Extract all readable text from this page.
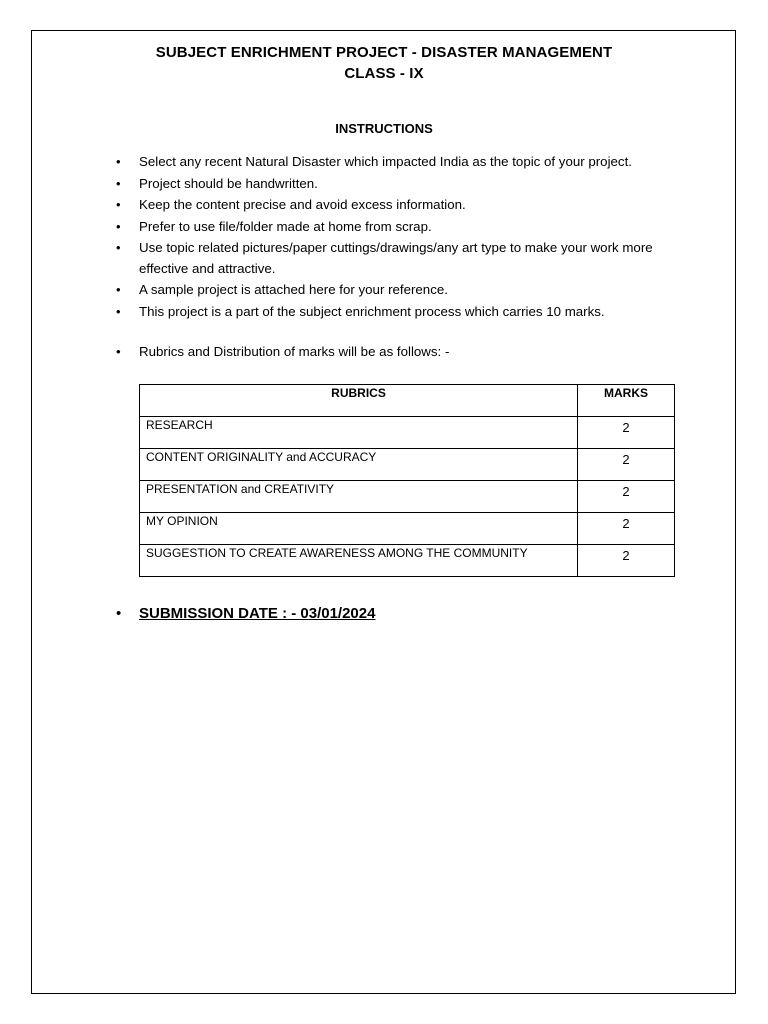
SUBJECT ENRICHMENT PROJECT - DISASTER MANAGEMENT
CLASS - IX
INSTRUCTIONS
• Select any recent Natural Disaster which impacted India as the topic of your project.
• Project should be handwritten.
• Keep the content precise and avoid excess information.
• Prefer to use file/folder made at home from scrap.
• Use topic related pictures/paper cuttings/drawings/any art type to make your work more effective and attractive.
• A sample project is attached here for your reference.
• This project is a part of the subject enrichment process which carries 10 marks.
• Rubrics and Distribution of marks will be as follows: -
RUBRICS	MARKS
RESEARCH	2
CONTENT ORIGINALITY and ACCURACY	2
PRESENTATION and CREATIVITY	2
MY OPINION	2
SUGGESTION TO CREATE AWARENESS AMONG THE COMMUNITY	2
• SUBMISSION DATE : - 03/01/2024
